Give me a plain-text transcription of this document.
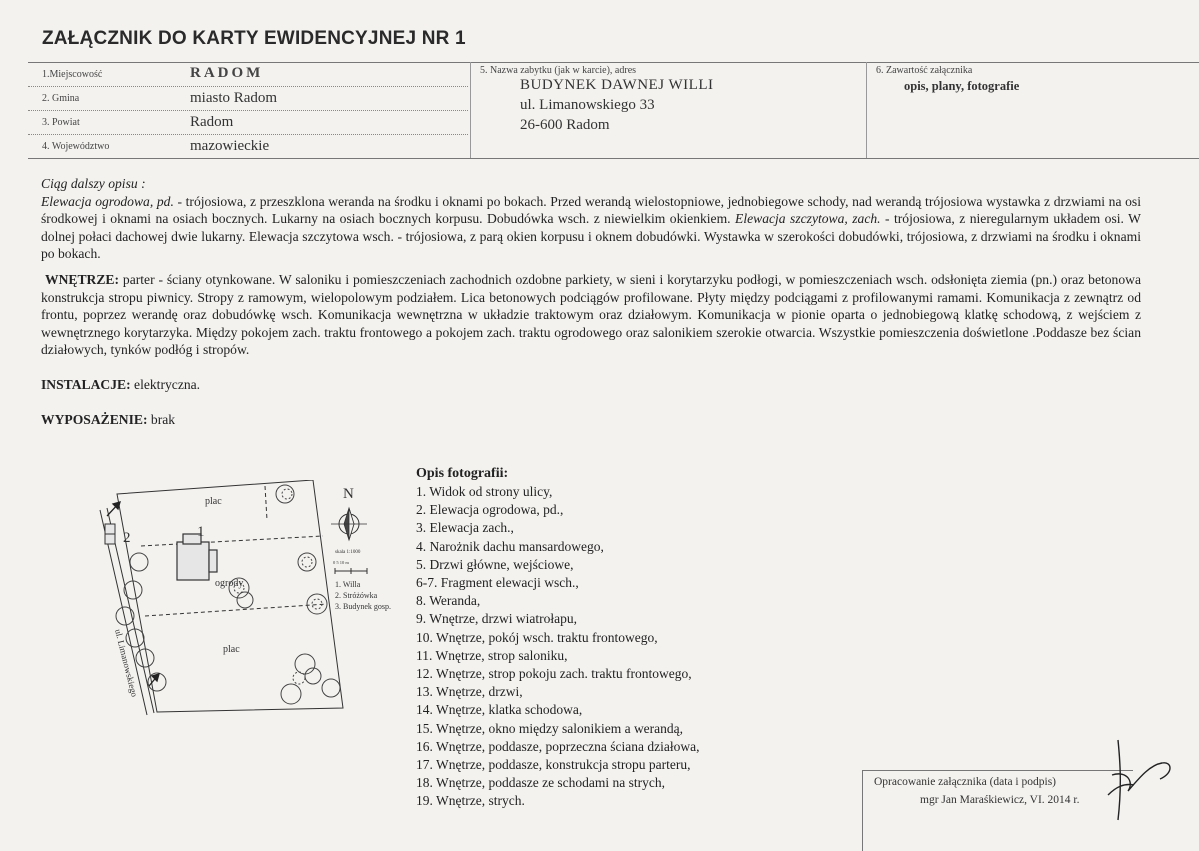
ZAŁĄCZNIK DO KARTY EWIDENCYJNEJ NR 1
1.Miejscowość	RADOM
2. Gmina	miasto Radom
3. Powiat	Radom
4. Województwo	mazowieckie
5. Nazwa zabytku (jak w karcie), adres
BUDYNEK DAWNEJ WILLI
ul. Limanowskiego 33
26-600 Radom
6. Zawartość załącznika
opis, plany, fotografie
Ciąg dalszy opisu :
Elewacja ogrodowa, pd. - trójosiowa, z przeszklona weranda na środku i oknami po bokach. Przed werandą wielostopniowe, jednobiegowe schody, nad werandą trójosiowa wystawka z drzwiami na osi środkowej i oknami na osiach bocznych. Lukarny na osiach bocznych korpusu. Dobudówka wsch. z niewielkim okienkiem. Elewacja szczytowa, zach. - trójosiowa, z nieregularnym układem osi. W dolnej połaci dachowej dwie lukarny. Elewacja szczytowa wsch. - trójosiowa, z parą okien korpusu i oknem dobudówki. Wystawka w szerokości dobudówki, trójosiowa, z drzwiami na środku i oknami po bokach.
WNĘTRZE: parter - ściany otynkowane. W saloniku i pomieszczeniach zachodnich ozdobne parkiety, w sieni i korytarzyku podłogi, w pomieszczeniach wsch. odsłonięta ziemia (pn.) oraz betonowa konstrukcja stropu piwnicy. Stropy z ramowym, wielopolowym podziałem. Lica betonowych podciągów profilowane. Płyty między podciągami z profilowanymi ramami. Komunikacja z zewnątrz od frontu, poprzez werandę oraz dobudówkę wsch. Komunikacja wewnętrzna w układzie traktowym oraz działowym. Komunikacja w pionie oparta o jednobiegową klatkę schodową, z wejściem z wewnętrznego korytarzyka. Między pokojem zach. traktu frontowego a pokojem zach. traktu ogrodowego oraz salonikiem szerokie otwarcia. Wszystkie pomieszczenia doświetlone .Poddasze bez ścian działowych, tynków podłóg i stropów.
INSTALACJE: elektryczna.
WYPOSAŻENIE: brak
N
plac
plac
ogrody
1
2
ul. Limanowskiego
skala 1:1000
0 5 10 m
1. Willa
2. Stróżówka
3. Budynek gosp.
Opis fotografii:
1. Widok od strony ulicy,
2. Elewacja ogrodowa, pd.,
3. Elewacja zach.,
4. Narożnik dachu mansardowego,
5. Drzwi główne, wejściowe,
6-7. Fragment elewacji wsch.,
8. Weranda,
9. Wnętrze, drzwi wiatrołapu,
10. Wnętrze, pokój wsch. traktu frontowego,
11. Wnętrze, strop saloniku,
12. Wnętrze, strop pokoju zach. traktu frontowego,
13. Wnętrze, drzwi,
14. Wnętrze, klatka schodowa,
15. Wnętrze, okno między salonikiem a werandą,
16. Wnętrze, poddasze, poprzeczna ściana działowa,
17. Wnętrze, poddasze, konstrukcja stropu parteru,
18. Wnętrze, poddasze ze schodami na strych,
19. Wnętrze, strych.
Opracowanie załącznika (data i podpis)
mgr Jan Maraśkiewicz, VI. 2014 r.
